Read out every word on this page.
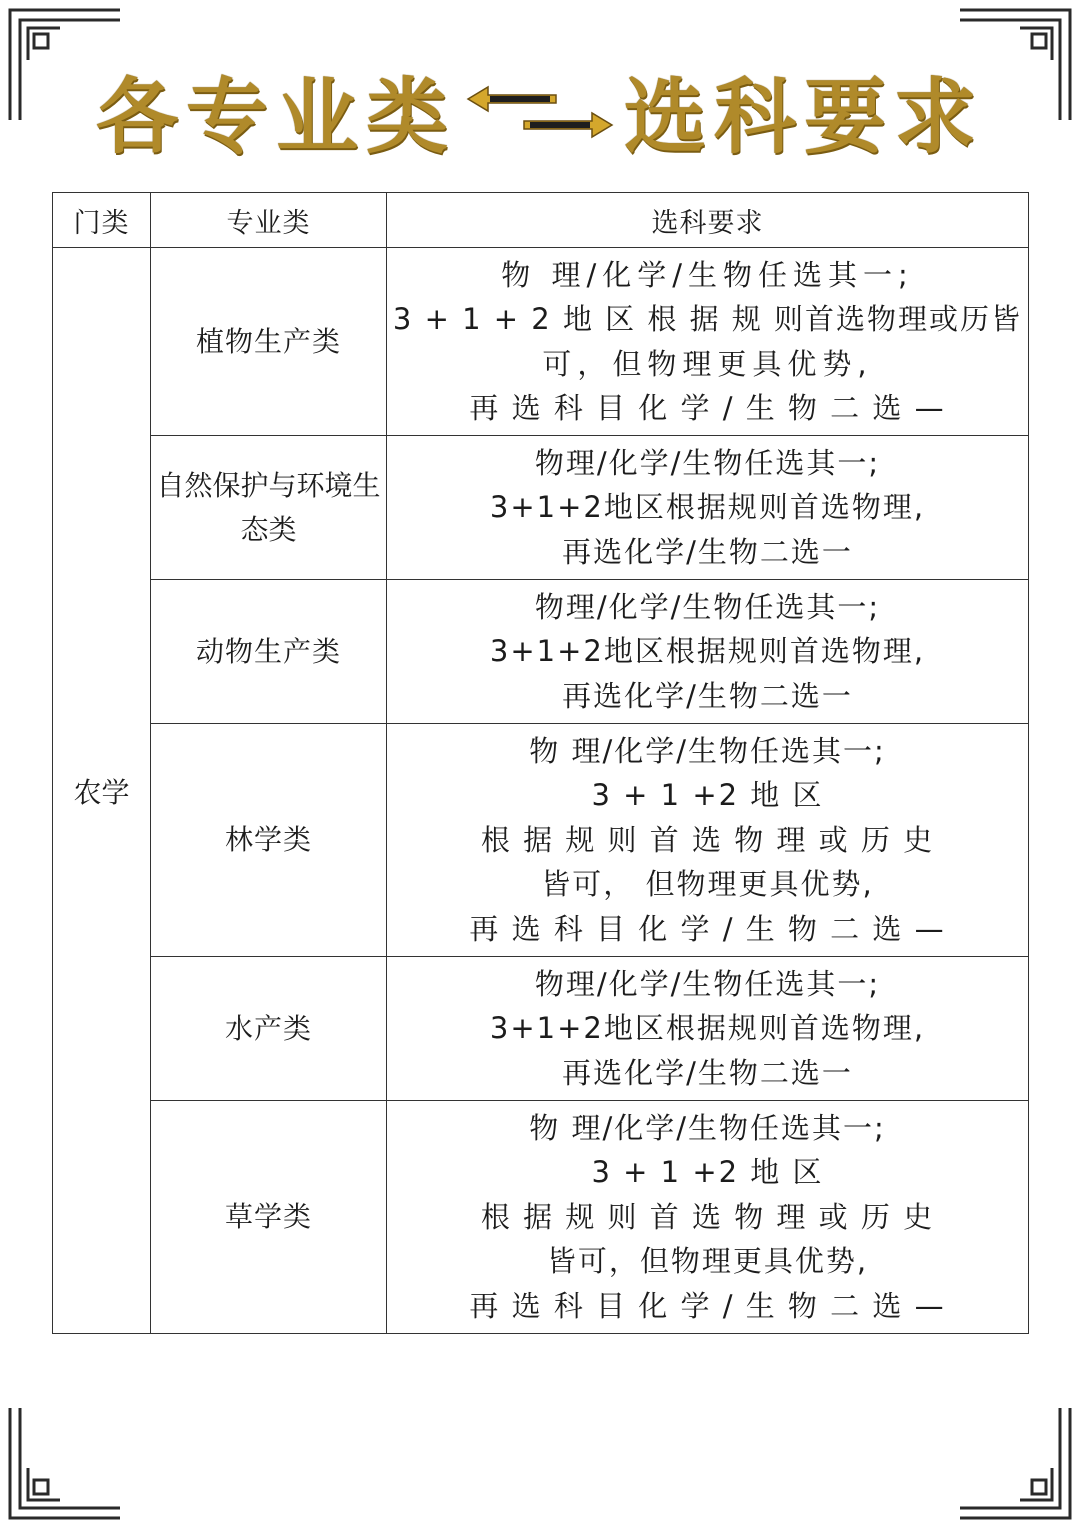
各专业类 选科要求
门类	专业类	选科要求
农学	植物生产类	物 理/化学/生物任选其一;
3 + 1 + 2 地 区 根 据 规 则首选物理或历皆
可，但物理更具优势,
再 选 科 目 化 学 / 生 物 二 选 —

	自然保护与环境生态类	物理/化学/生物任选其一;
3+1+2地区根据规则首选物理,
再选化学/生物二选一

	动物生产类	物理/化学/生物任选其一;
3+1+2地区根据规则首选物理,
再选化学/生物二选一

	林学类	物 理/化学/生物任选其一;
3 + 1 +2 地 区
根 据 规 则 首 选 物 理 或 历 史
皆可， 但物理更具优势,
再 选 科 目 化 学 / 生 物 二 选 —

	水产类	物理/化学/生物任选其一;
3+1+2地区根据规则首选物理,
再选化学/生物二选一

	草学类	物 理/化学/生物任选其一;
3 + 1 +2 地 区
根 据 规 则 首 选 物 理 或 历 史
皆可，但物理更具优势,
再 选 科 目 化 学 / 生 物 二 选 —
